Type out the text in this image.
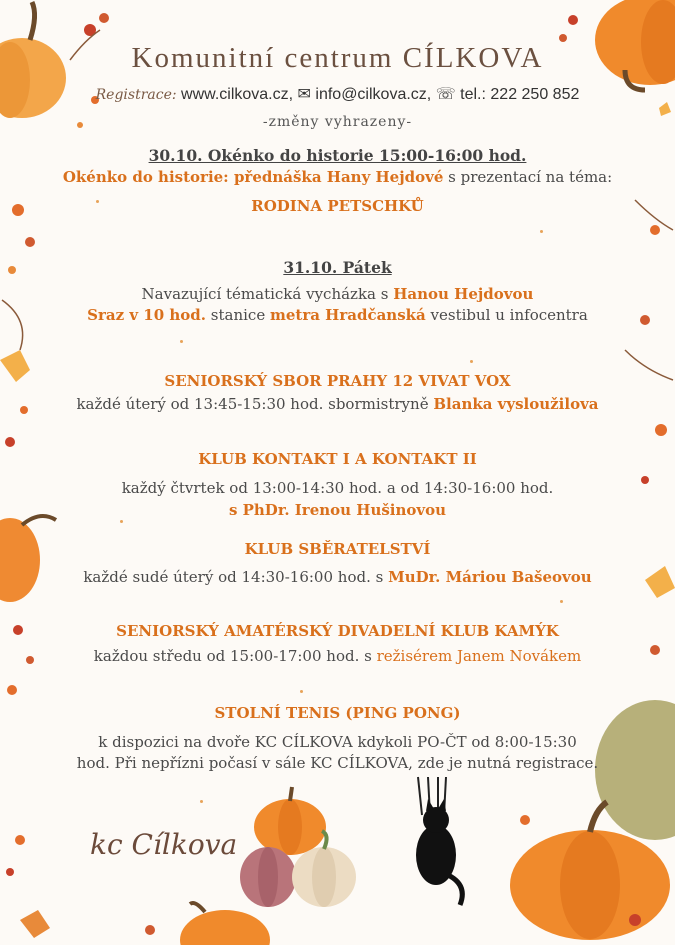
Komunitní centrum CÍLKOVA
Registrace: www.cilkova.cz, ✉ info@cilkova.cz, ☏ tel.: 222 250 852
-změny vyhrazeny-
30.10. Okénko do historie 15:00-16:00 hod.
Okénko do historie: přednáška Hany Hejdové s prezentací na téma:
RODINA PETSCHKŮ
31.10. Pátek
Navazující tématická vycházka s Hanou Hejdovou
Sraz v 10 hod. stanice metra Hradčanská vestibul u infocentra
SENIORSKÝ SBOR PRAHY 12 VIVAT VOX
každé úterý od 13:45-15:30 hod. sbormistryně Blanka vysloužilova
KLUB KONTAKT I A KONTAKT II
každý čtvrtek od 13:00-14:30 hod. a od 14:30-16:00 hod.
s PhDr. Irenou Hušinovou
KLUB SBĚRATELSTVÍ
každé sudé úterý od 14:30-16:00 hod. s MuDr. Máriou Bašeovou
SENIORSKÝ AMATÉRSKÝ DIVADELNÍ KLUB KAMÝK
každou středu od 15:00-17:00 hod. s režisérem Janem Novákem
STOLNÍ TENIS (PING PONG)
k dispozici na dvoře KC CÍLKOVA kdykoli PO-ČT od 8:00-15:30
hod. Při nepřízni počasí v sále KC CÍLKOVA, zde je nutná registrace.
kc Cílkova
